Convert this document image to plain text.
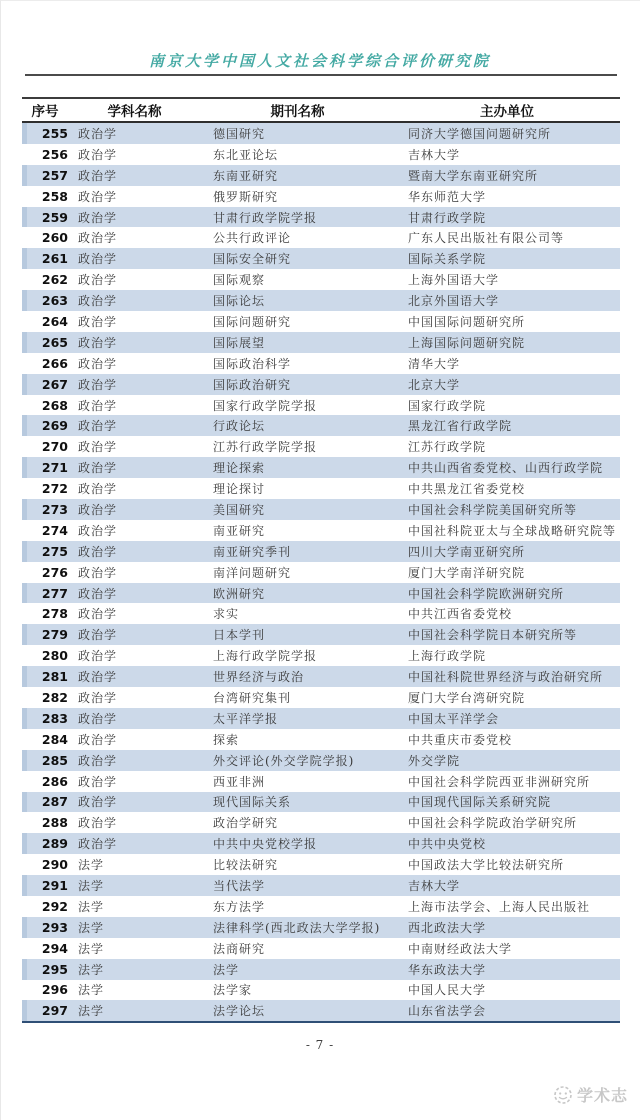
南京大学中国人文社会科学综合评价研究院
序号	学科名称	期刊名称	主办单位
255 政治学	德国研究	同济大学德国问题研究所
256 政治学	东北亚论坛	吉林大学
257 政治学	东南亚研究	暨南大学东南亚研究所
258 政治学	俄罗斯研究	华东师范大学
259 政治学	甘肃行政学院学报	甘肃行政学院
260 政治学	公共行政评论	广东人民出版社有限公司等
261 政治学	国际安全研究	国际关系学院
262 政治学	国际观察	上海外国语大学
263 政治学	国际论坛	北京外国语大学
264 政治学	国际问题研究	中国国际问题研究所
265 政治学	国际展望	上海国际问题研究院
266 政治学	国际政治科学	清华大学
267 政治学	国际政治研究	北京大学
268 政治学	国家行政学院学报	国家行政学院
269 政治学	行政论坛	黑龙江省行政学院
270 政治学	江苏行政学院学报	江苏行政学院
271 政治学	理论探索	中共山西省委党校、山西行政学院
272 政治学	理论探讨	中共黑龙江省委党校
273 政治学	美国研究	中国社会科学院美国研究所等
274 政治学	南亚研究	中国社科院亚太与全球战略研究院等
275 政治学	南亚研究季刊	四川大学南亚研究所
276 政治学	南洋问题研究	厦门大学南洋研究院
277 政治学	欧洲研究	中国社会科学院欧洲研究所
278 政治学	求实	中共江西省委党校
279 政治学	日本学刊	中国社会科学院日本研究所等
280 政治学	上海行政学院学报	上海行政学院
281 政治学	世界经济与政治	中国社科院世界经济与政治研究所
282 政治学	台湾研究集刊	厦门大学台湾研究院
283 政治学	太平洋学报	中国太平洋学会
284 政治学	探索	中共重庆市委党校
285 政治学	外交评论(外交学院学报)	外交学院
286 政治学	西亚非洲	中国社会科学院西亚非洲研究所
287 政治学	现代国际关系	中国现代国际关系研究院
288 政治学	政治学研究	中国社会科学院政治学研究所
289 政治学	中共中央党校学报	中共中央党校
290 法学	比较法研究	中国政法大学比较法研究所
291 法学	当代法学	吉林大学
292 法学	东方法学	上海市法学会、上海人民出版社
293 法学	法律科学(西北政法大学学报)	西北政法大学
294 法学	法商研究	中南财经政法大学
295 法学	法学	华东政法大学
296 法学	法学家	中国人民大学
297 法学	法学论坛	山东省法学会
- 7 -
学术志
